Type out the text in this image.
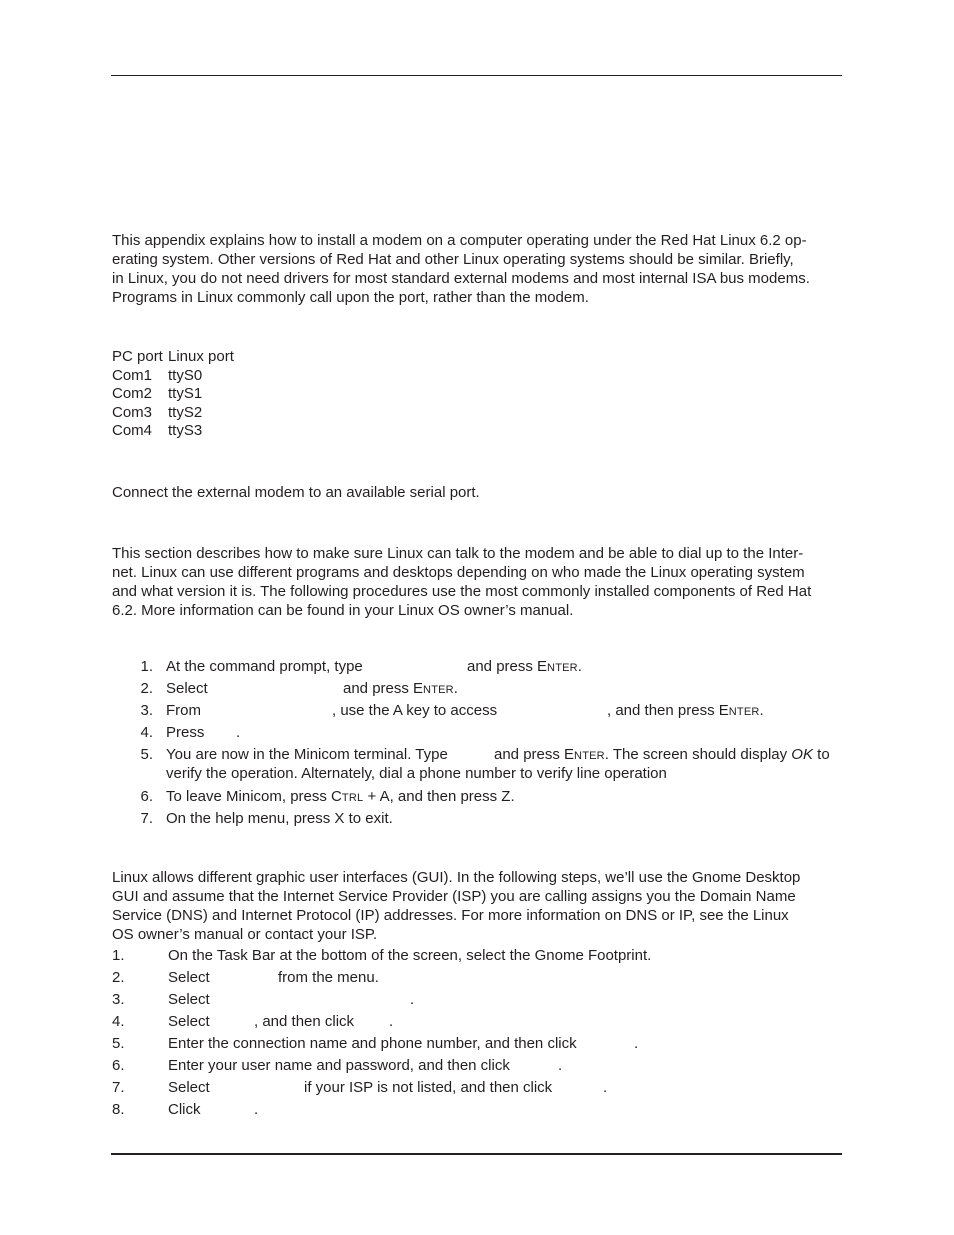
This appendix explains how to install a modem on a computer operating under the Red Hat Linux 6.2 op-
erating system. Other versions of Red Hat and other Linux operating systems should be similar. Briefly,
in Linux, you do not need drivers for most standard external modems and most internal ISA bus modems.
Programs in Linux commonly call upon the port, rather than the modem.

PC port Linux port
Com1 ttyS0
Com2 ttyS1
Com3 ttyS2
Com4 ttyS3

Connect the external modem to an available serial port.

This section describes how to make sure Linux can talk to the modem and be able to dial up to the Inter-
net. Linux can use different programs and desktops depending on who made the Linux operating system
and what version it is. The following procedures use the most commonly installed components of Red Hat
6.2. More information can be found in your Linux OS owner’s manual.

1. At the command prompt, type	and press ENTER.
2. Select	and press ENTER.
3. From	, use the A key to access	, and then press ENTER.
4. Press .
5. You are now in the Minicom terminal. Type	and press ENTER. The screen should display OK to
verify the operation. Alternately, dial a phone number to verify line operation
6. To leave Minicom, press CTRL + A, and then press Z.
7. On the help menu, press X to exit.

Linux allows different graphic user interfaces (GUI). In the following steps, we’ll use the Gnome Desktop
GUI and assume that the Internet Service Provider (ISP) you are calling assigns you the Domain Name
Service (DNS) and Internet Protocol (IP) addresses. For more information on DNS or IP, see the Linux
OS owner’s manual or contact your ISP.

1.	On the Task Bar at the bottom of the screen, select the Gnome Footprint.
2.	Select	from the menu.
3.	Select	.
4.	Select	, and then click .
5.	Enter the connection name and phone number, and then click	.
6.	Enter your user name and password, and then click	.
7.	Select	if your ISP is not listed, and then click	.
8.	Click	.
